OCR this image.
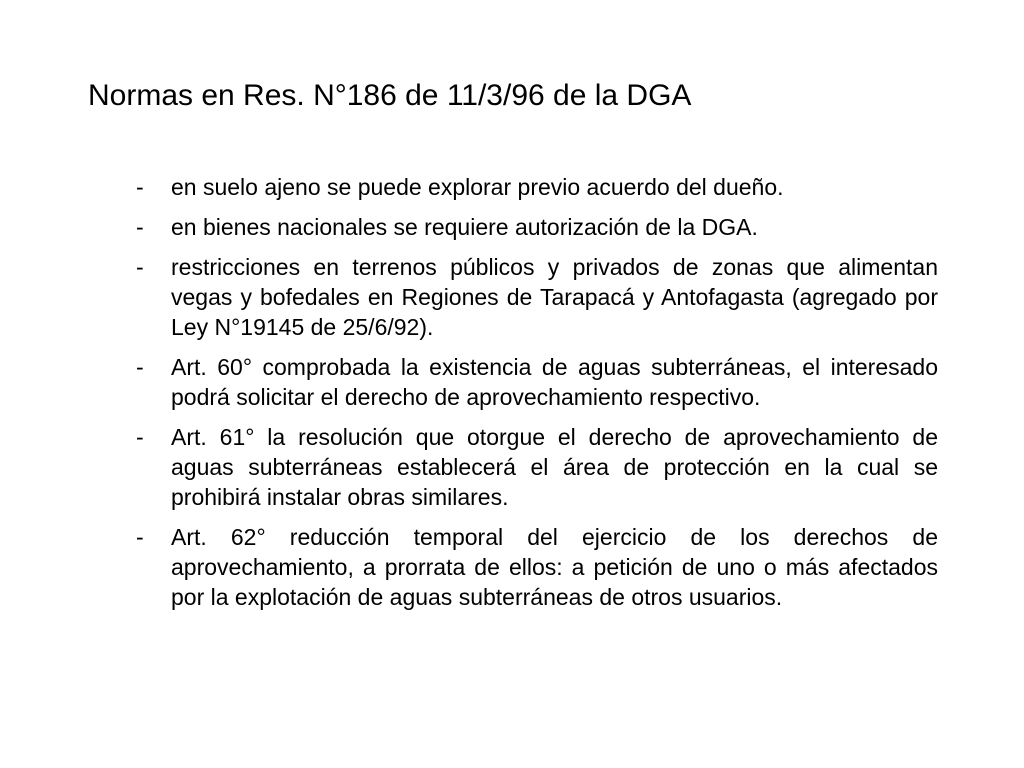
Normas en Res. N°186 de 11/3/96 de la DGA
-	en suelo ajeno se puede explorar previo acuerdo del dueño.
-	en bienes nacionales se requiere autorización de la DGA.
-	restricciones en terrenos públicos y privados de zonas que alimentan vegas y bofedales en Regiones de Tarapacá y Antofagasta (agregado por Ley N°19145 de 25/6/92).
-	Art. 60° comprobada la existencia de aguas subterráneas, el interesado podrá solicitar el derecho de aprovechamiento respectivo.
-	Art. 61° la resolución que otorgue el derecho de aprovechamiento de aguas subterráneas establecerá el área de protección en la cual se prohibirá instalar obras similares.
-	Art. 62° reducción temporal del ejercicio de los derechos de aprovechamiento, a prorrata de ellos: a petición de uno o más afectados por la explotación de aguas subterráneas de otros usuarios.
